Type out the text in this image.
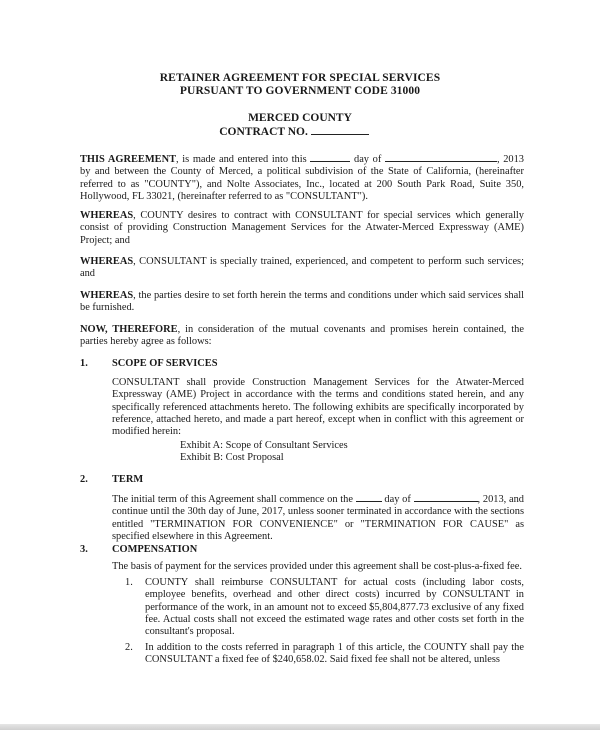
RETAINER AGREEMENT FOR SPECIAL SERVICES
PURSUANT TO GOVERNMENT CODE 31000
MERCED COUNTY
CONTRACT NO.
THIS AGREEMENT, is made and entered into this	day of	, 2013 by and between the County of Merced, a political subdivision of the State of California, (hereinafter referred to as "COUNTY"), and Nolte Associates, Inc., located at 200 South Park Road, Suite 350, Hollywood, FL 33021, (hereinafter referred to as "CONSULTANT").
WHEREAS, COUNTY desires to contract with CONSULTANT for special services which generally consist of providing Construction Management Services for the Atwater-Merced Expressway (AME) Project; and
WHEREAS, CONSULTANT is specially trained, experienced, and competent to perform such services; and
WHEREAS, the parties desire to set forth herein the terms and conditions under which said services shall be furnished.
NOW, THEREFORE, in consideration of the mutual covenants and promises herein contained, the parties hereby agree as follows:
1. SCOPE OF SERVICES
CONSULTANT shall provide Construction Management Services for the Atwater-Merced Expressway (AME) Project in accordance with the terms and conditions stated herein, and any specifically referenced attachments hereto. The following exhibits are specifically incorporated by reference, attached hereto, and made a part hereof, except when in conflict with this agreement or modified herein:
Exhibit A: Scope of Consultant Services
Exhibit B: Cost Proposal
2. TERM
The initial term of this Agreement shall commence on the	day of	, 2013, and continue until the 30th day of June, 2017, unless sooner terminated in accordance with the sections entitled "TERMINATION FOR CONVENIENCE" or "TERMINATION FOR CAUSE" as specified elsewhere in this Agreement.
3. COMPENSATION
The basis of payment for the services provided under this agreement shall be cost-plus-a-fixed fee.
1. COUNTY shall reimburse CONSULTANT for actual costs (including labor costs, employee benefits, overhead and other direct costs) incurred by CONSULTANT in performance of the work, in an amount not to exceed $5,804,877.73 exclusive of any fixed fee. Actual costs shall not exceed the estimated wage rates and other costs set forth in the consultant's proposal.
2. In addition to the costs referred in paragraph 1 of this article, the COUNTY shall pay the CONSULTANT a fixed fee of $240,658.02. Said fixed fee shall not be altered, unless
